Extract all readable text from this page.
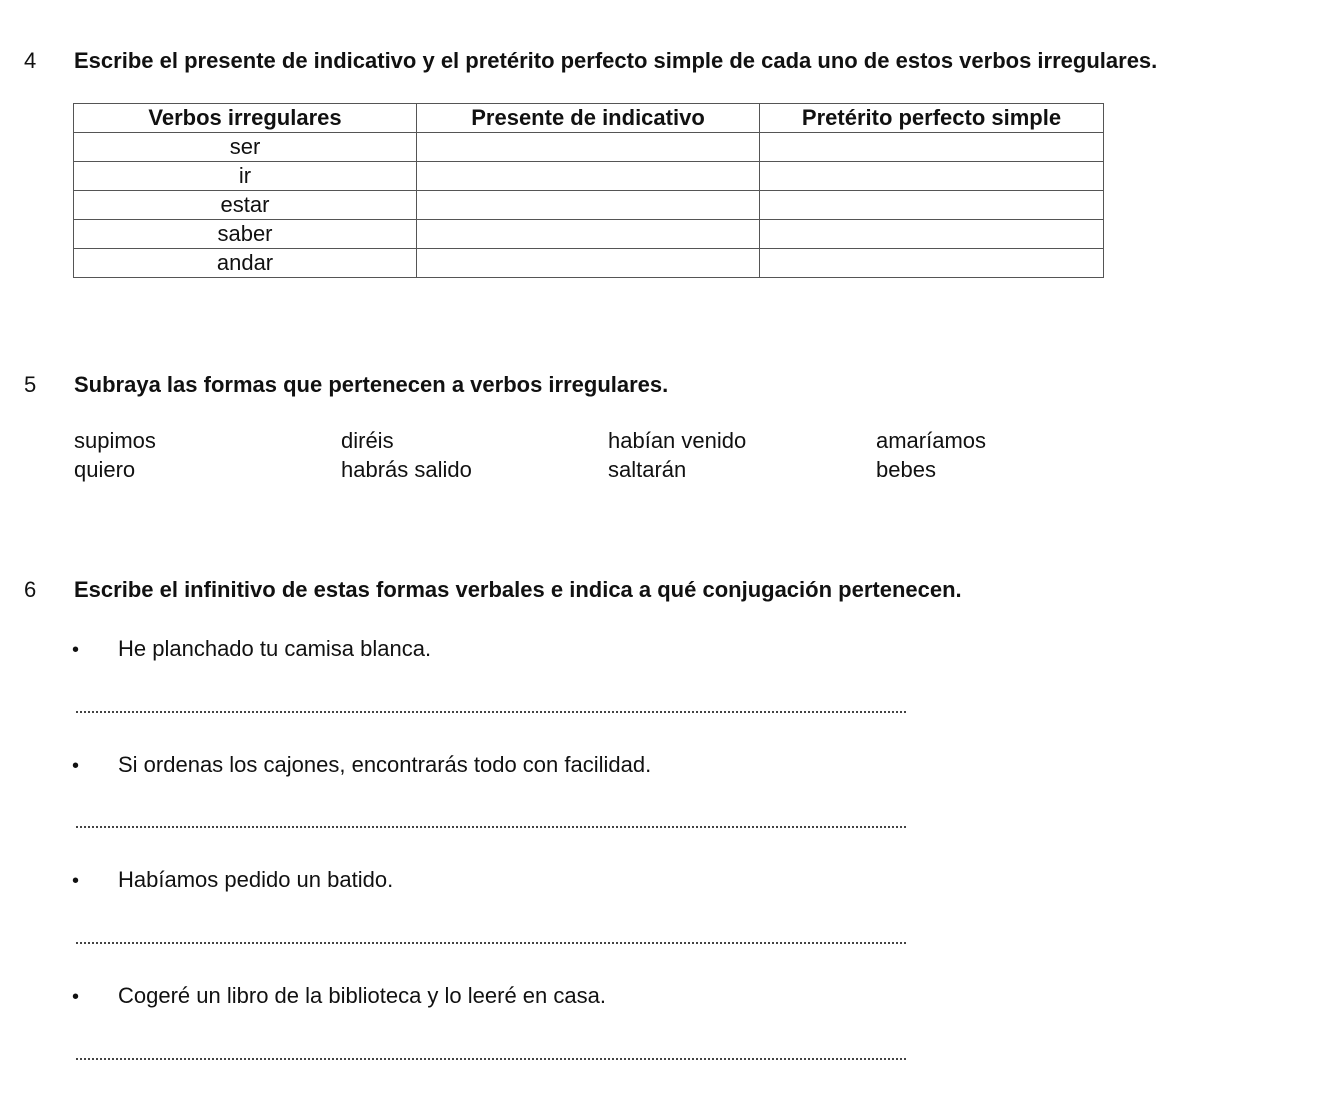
4 Escribe el presente de indicativo y el pretérito perfecto simple de cada uno de estos verbos irregulares.
Verbos irregulares	Presente de indicativo	Pretérito perfecto simple
ser		
ir		
estar		
saber		
andar		
5 Subraya las formas que pertenecen a verbos irregulares.
supimos	diréis	habían venido	amaríamos
quiero	habrás salido	saltarán	bebes
6 Escribe el infinitivo de estas formas verbales e indica a qué conjugación pertenecen.
• He planchado tu camisa blanca.
• Si ordenas los cajones, encontrarás todo con facilidad.
• Habíamos pedido un batido.
• Cogeré un libro de la biblioteca y lo leeré en casa.
